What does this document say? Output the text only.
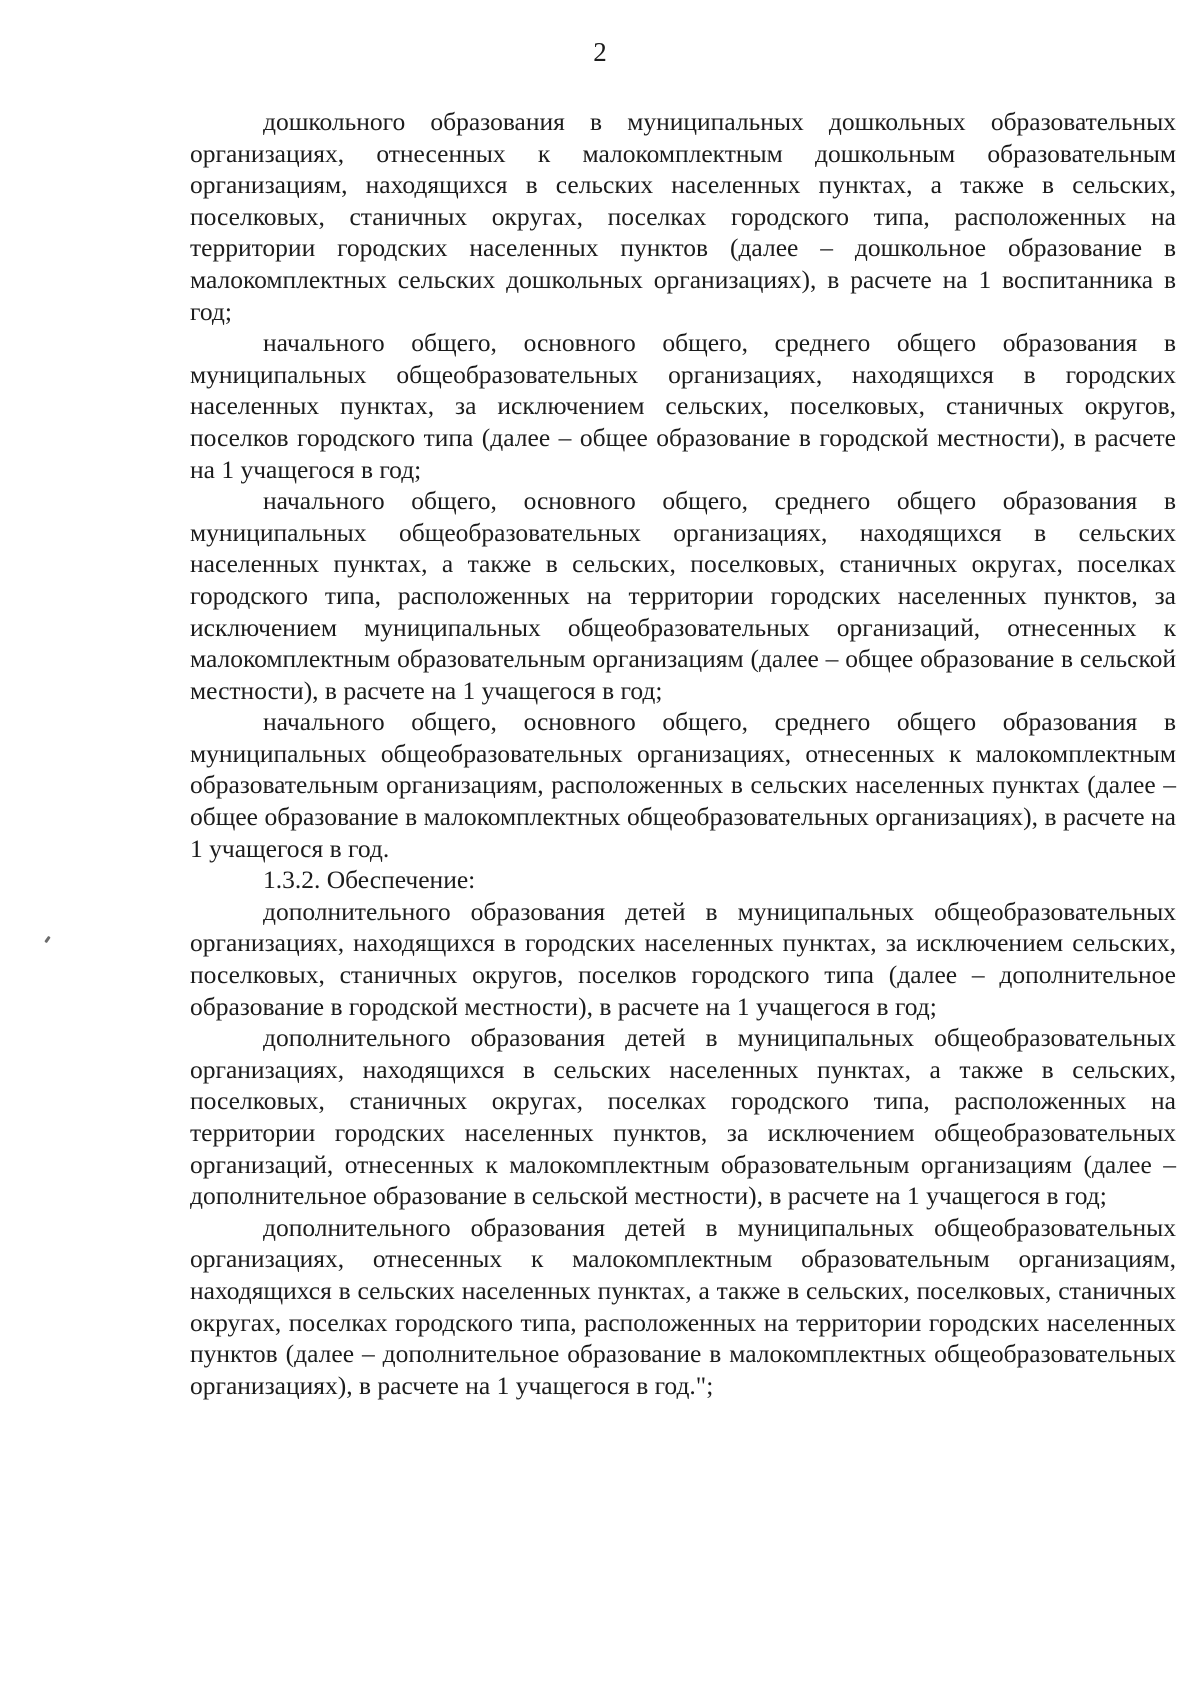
2

дошкольного образования в муниципальных дошкольных образовательных организациях, отнесенных к малокомплектным дошкольным образовательным организациям, находящихся в сельских населенных пунктах, а также в сельских, поселковых, станичных округах, поселках городского типа, расположенных на территории городских населенных пунктов (далее – дошкольное образование в малокомплектных сельских дошкольных организациях), в расчете на 1 воспитанника в год;

начального общего, основного общего, среднего общего образования в муниципальных общеобразовательных организациях, находящихся в городских населенных пунктах, за исключением сельских, поселковых, станичных округов, поселков городского типа (далее – общее образование в городской местности), в расчете на 1 учащегося в год;

начального общего, основного общего, среднего общего образования в муниципальных общеобразовательных организациях, находящихся в сельских населенных пунктах, а также в сельских, поселковых, станичных округах, поселках городского типа, расположенных на территории городских населенных пунктов, за исключением муниципальных общеобразовательных организаций, отнесенных к малокомплектным образовательным организациям (далее – общее образование в сельской местности), в расчете на 1 учащегося в год;

начального общего, основного общего, среднего общего образования в муниципальных общеобразовательных организациях, отнесенных к малокомплектным образовательным организациям, расположенных в сельских населенных пунктах (далее – общее образование в малокомплектных общеобразовательных организациях), в расчете на 1 учащегося в год.

1.3.2. Обеспечение:

дополнительного образования детей в муниципальных общеобразовательных организациях, находящихся в городских населенных пунктах, за исключением сельских, поселковых, станичных округов, поселков городского типа (далее – дополнительное образование в городской местности), в расчете на 1 учащегося в год;

дополнительного образования детей в муниципальных общеобразовательных организациях, находящихся в сельских населенных пунктах, а также в сельских, поселковых, станичных округах, поселках городского типа, расположенных на территории городских населенных пунктов, за исключением общеобразовательных организаций, отнесенных к малокомплектным образовательным организациям (далее – дополнительное образование в сельской местности), в расчете на 1 учащегося в год;

дополнительного образования детей в муниципальных общеобразовательных организациях, отнесенных к малокомплектным образовательным организациям, находящихся в сельских населенных пунктах, а также в сельских, поселковых, станичных округах, поселках городского типа, расположенных на территории городских населенных пунктов (далее – дополнительное образование в малокомплектных общеобразовательных организациях), в расчете на 1 учащегося в год.";
